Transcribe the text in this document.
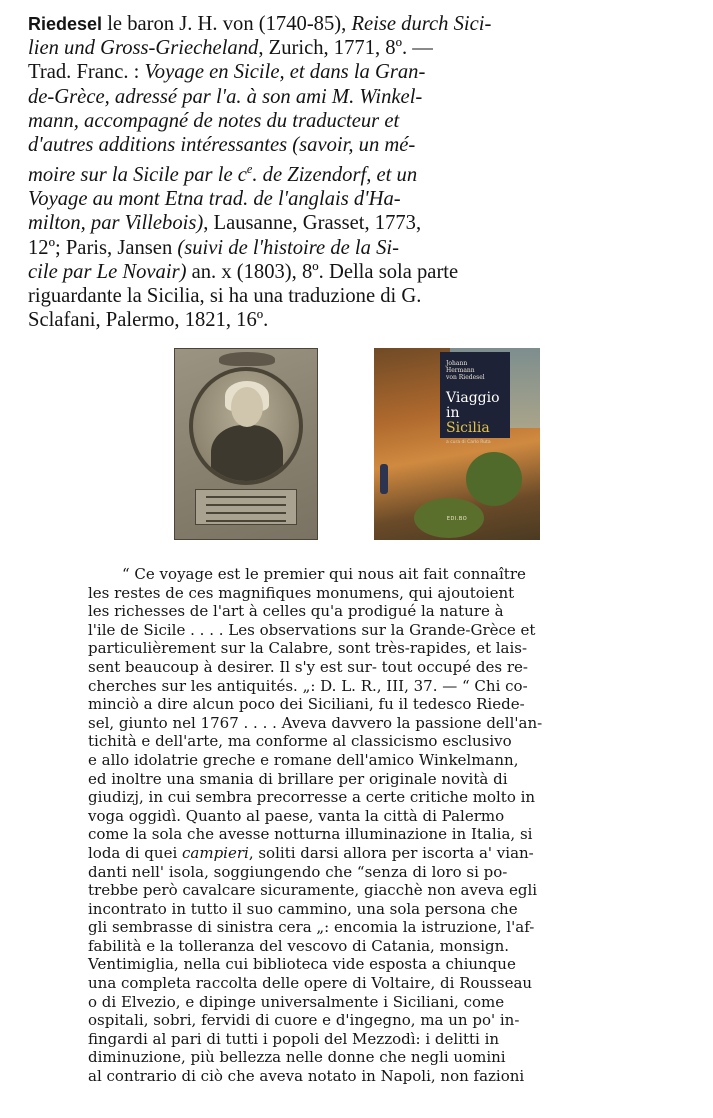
Riedesel le baron J. H. von (1740-85), Reise durch Sici-
lien und Gross-Griecheland, Zurich, 1771, 8º. —
Trad. Franc. : Voyage en Sicile, et dans la Gran-
de-Grèce, adressé par l'a. à son ami M. Winkel-
mann, accompagné de notes du traducteur et
d'autres additions intéressantes (savoir, un mé-
moire sur la Sicile par le $c^e$. de Zizendorf, et un
Voyage au mont Etna trad. de l'anglais d'Ha-
milton, par Villebois), Lausanne, Grasset, 1773,
12º; Paris, Jansen (suivi de l'histoire de la Si-
cile par Le Novair) an. x (1803), 8º. Della sola parte
riguardante la Sicilia, si ha una traduzione di G.
Sclafani, Palermo, 1821, 16º.
Johann
Hermann
von Riedesel
Viaggio
in Sicilia
a cura di Carlo Ruta
EDI.BO
“ Ce voyage est le premier qui nous ait fait connaître
les restes de ces magnifiques monumens, qui ajoutoient
les richesses de l'art à celles qu'a prodigué la nature à
l'ile de Sicile . . . . Les observations sur la Grande-Grèce et
particulièrement sur la Calabre, sont très-rapides, et lais-
sent beaucoup à desirer. Il s'y est sur- tout occupé des re-
cherches sur les antiquités. „: D. L. R., III, 37. — “ Chi co-
minciò a dire alcun poco dei Siciliani, fu il tedesco Riede-
sel, giunto nel 1767 . . . . Aveva davvero la passione dell'an-
tichità e dell'arte, ma conforme al classicismo esclusivo
e allo idolatrie greche e romane dell'amico Winkelmann,
ed inoltre una smania di brillare per originale novità di
giudizj, in cui sembra precorresse a certe critiche molto in
voga oggidì. Quanto al paese, vanta la città di Palermo
come la sola che avesse notturna illuminazione in Italia, si
loda di quei campieri, soliti darsi allora per iscorta a' vian-
danti nell' isola, soggiungendo che “senza di loro si po-
trebbe però cavalcare sicuramente, giacchè non aveva egli
incontrato in tutto il suo cammino, una sola persona che
gli sembrasse di sinistra cera „: encomia la istruzione, l'af-
fabilità e la tolleranza del vescovo di Catania, monsign.
Ventimiglia, nella cui biblioteca vide esposta a chiunque
una completa raccolta delle opere di Voltaire, di Rousseau
o di Elvezio, e dipinge universalmente i Siciliani, come
ospitali, sobri, fervidi di cuore e d'ingegno, ma un po' in-
fingardi al pari di tutti i popoli del Mezzodì: i delitti in
diminuzione, più bellezza nelle donne che negli uomini
al contrario di ciò che aveva notato in Napoli, non fazioni
